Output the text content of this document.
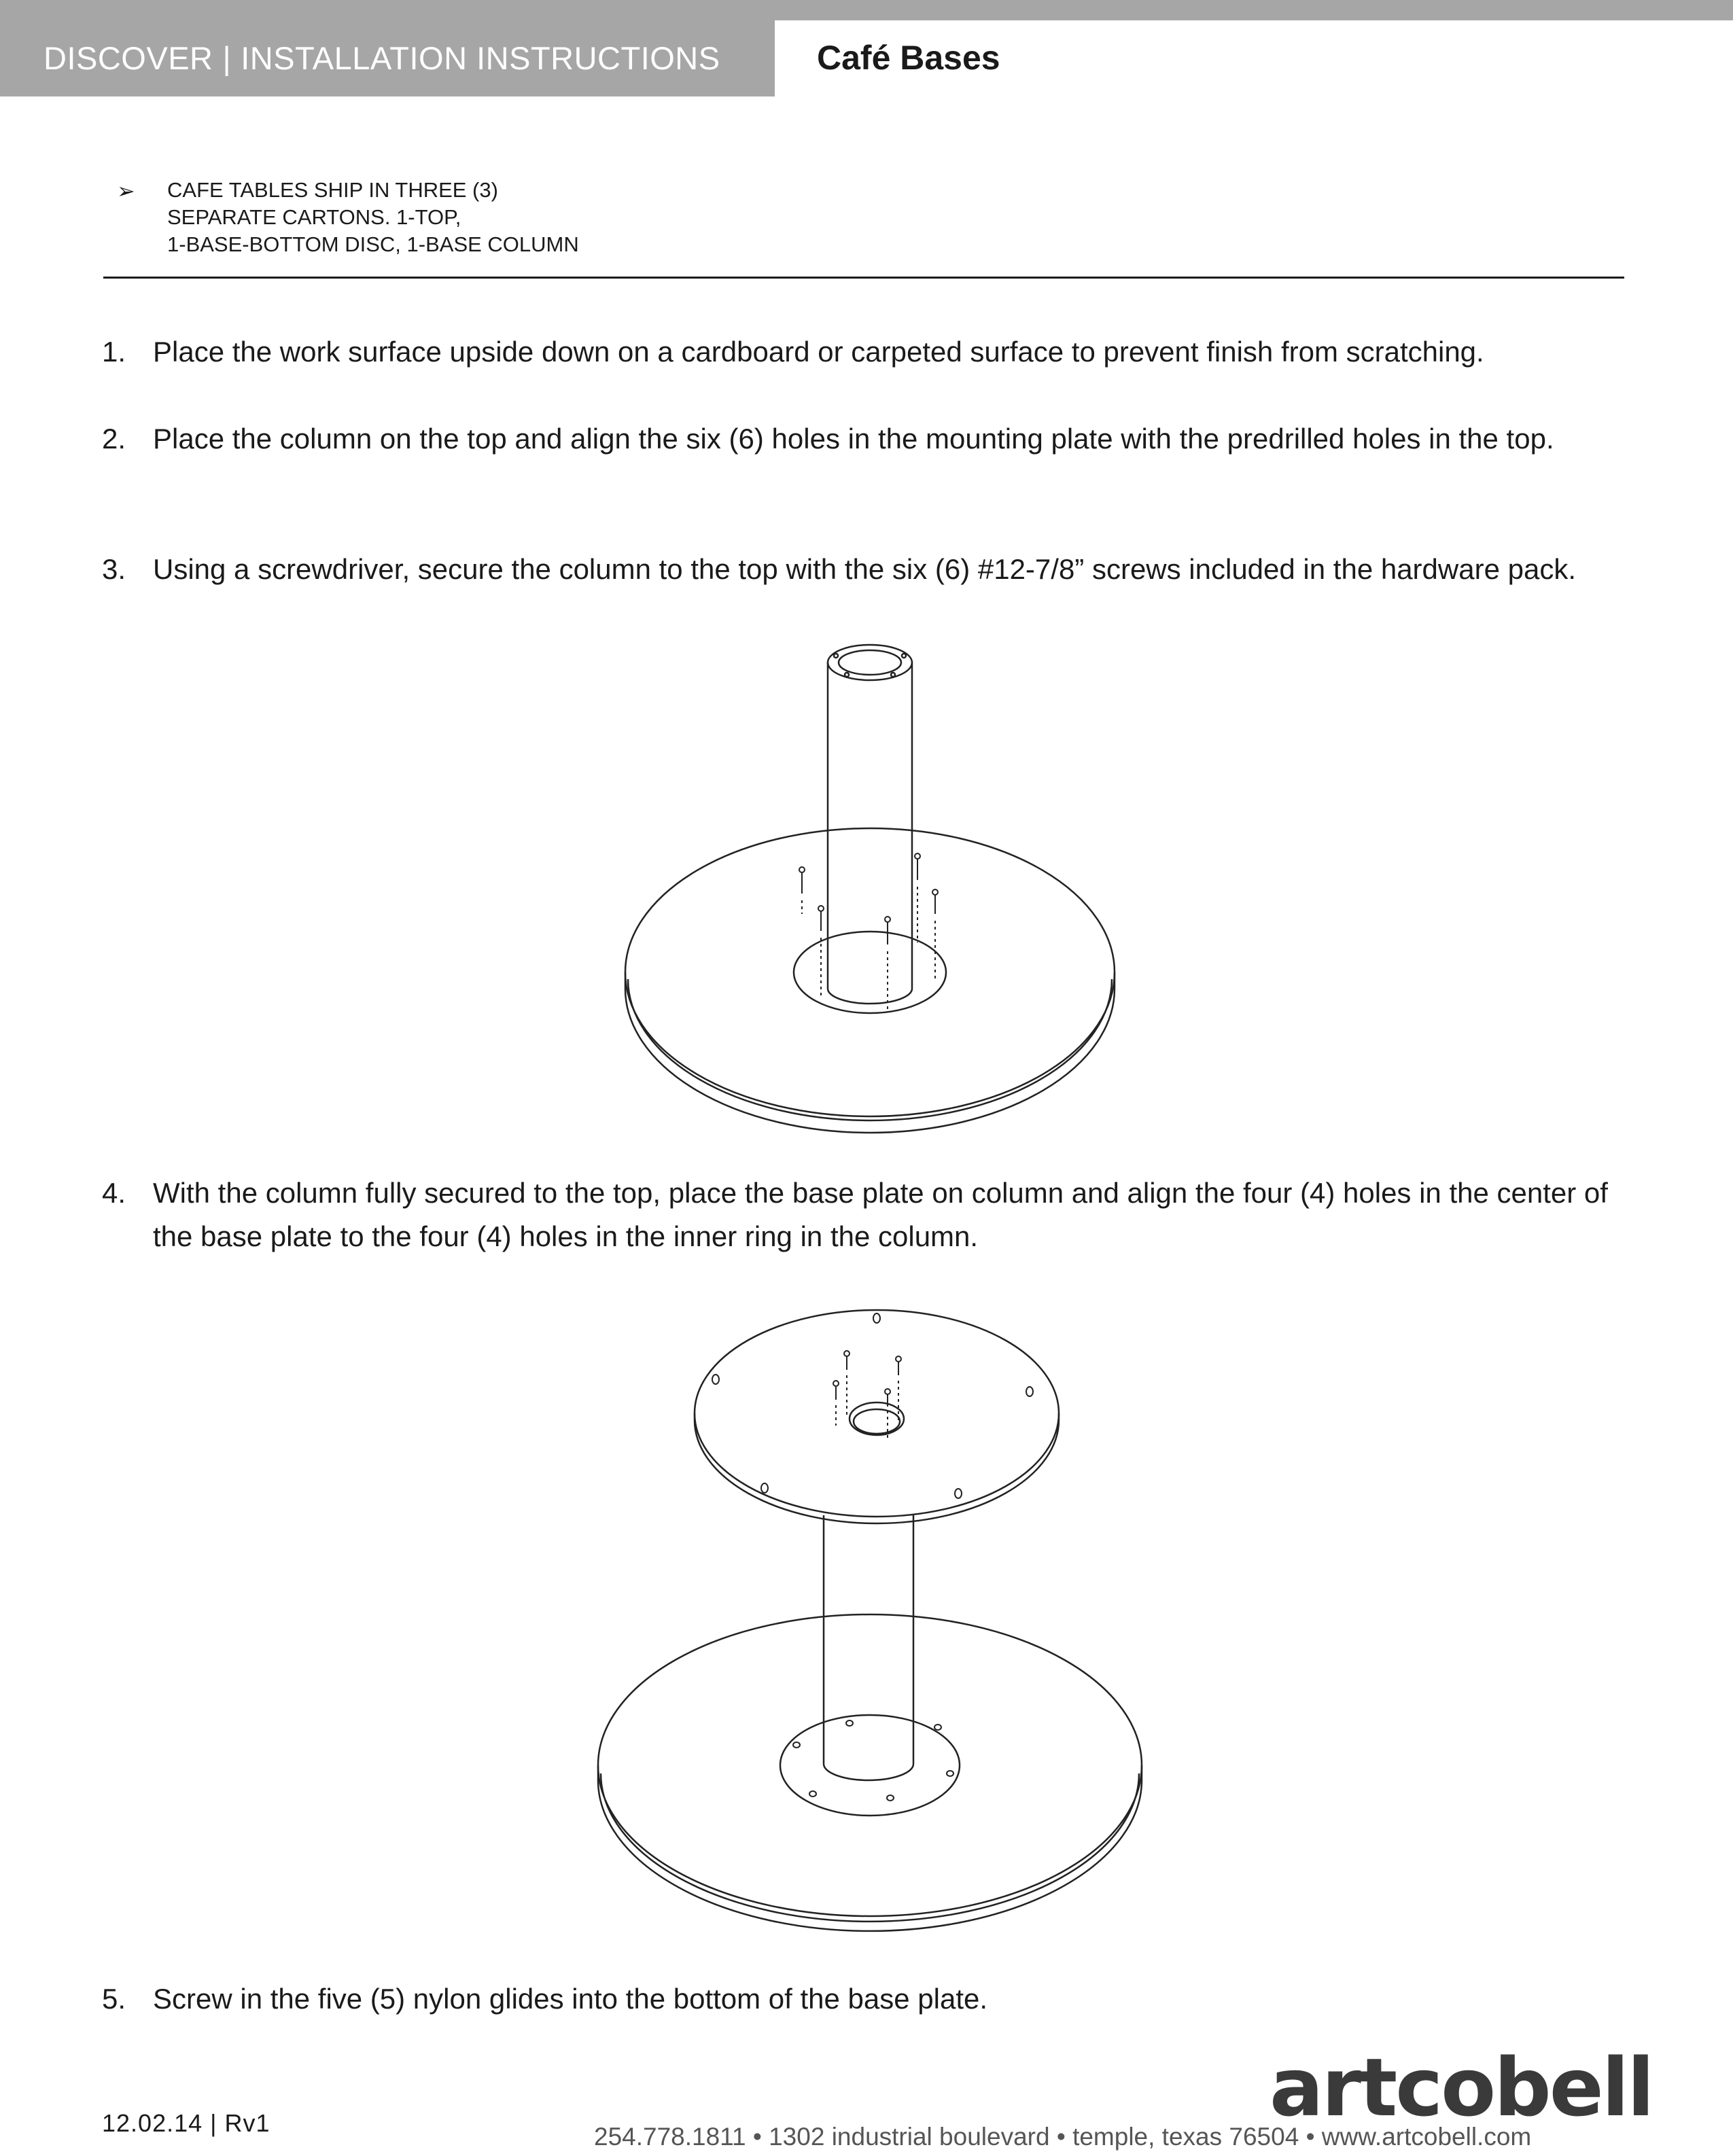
DISCOVER | INSTALLATION INSTRUCTIONS	Café Bases
➢ CAFE TABLES SHIP IN THREE (3)
SEPARATE CARTONS. 1-TOP,
1-BASE-BOTTOM DISC, 1-BASE COLUMN
1. Place the work surface upside down on a cardboard or carpeted surface to prevent finish from scratching.
2. Place the column on the top and align the six (6) holes in the mounting plate with the predrilled holes in the top.
3. Using a screwdriver, secure the column to the top with the six (6) #12-7/8” screws included in the hardware pack.
4. With the column fully secured to the top, place the base plate on column and align the four (4) holes in the center of the base plate to the four (4) holes in the inner ring in the column.
5. Screw in the five (5) nylon glides into the bottom of the base plate.
12.02.14 | Rv1	artcobell
254.778.1811 • 1302 industrial boulevard • temple, texas 76504 • www.artcobell.com
